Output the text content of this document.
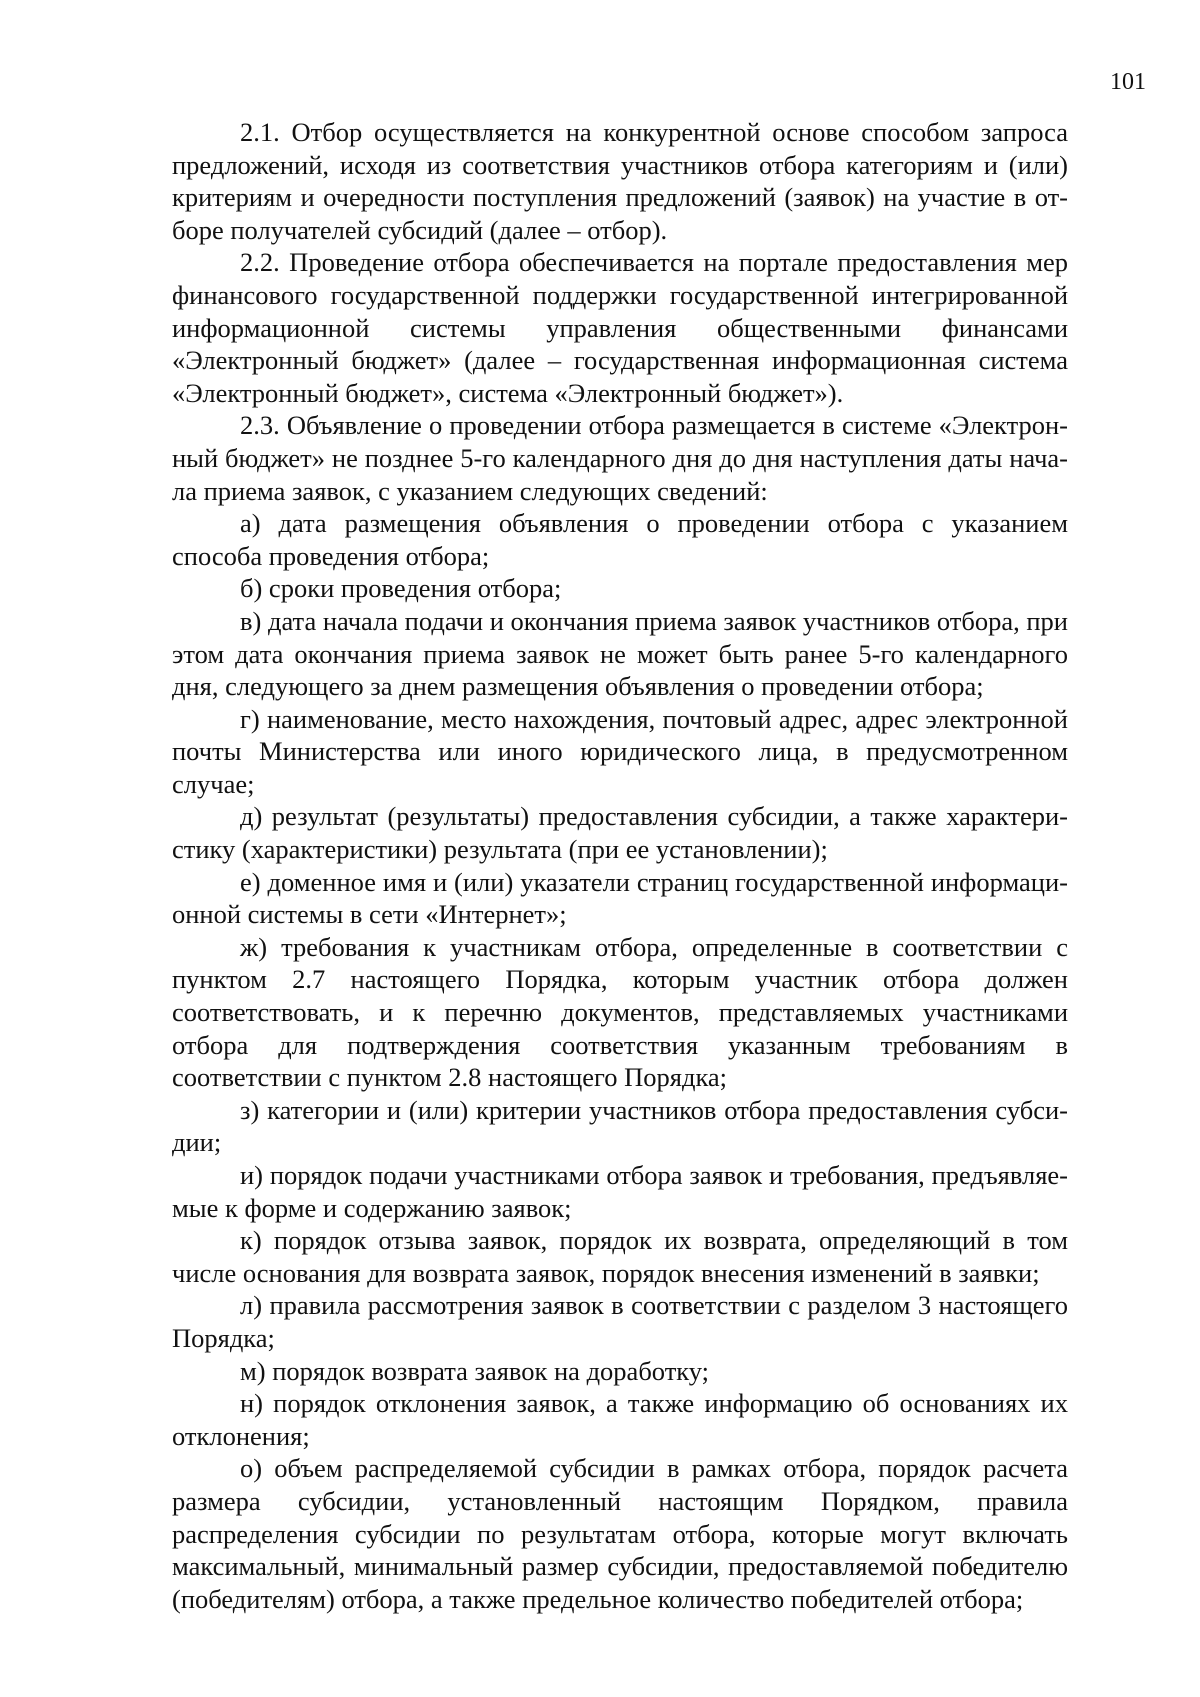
101

2.1. Отбор осуществляется на конкурентной основе способом запроса предложений, исходя из соответствия участников отбора категориям и (или) критериям и очередности поступления предложений (заявок) на участие в отборе получателей субсидий (далее – отбор).

2.2. Проведение отбора обеспечивается на портале предоставления мер финансового государственной поддержки государственной интегрированной информационной системы управления общественными финансами «Электронный бюджет» (далее – государственная информационная система «Электронный бюджет», система «Электронный бюджет»).

2.3. Объявление о проведении отбора размещается в системе «Электронный бюджет» не позднее 5-го календарного дня до дня наступления даты начала приема заявок, с указанием следующих сведений:

а) дата размещения объявления о проведении отбора с указанием способа проведения отбора;

б) сроки проведения отбора;

в) дата начала подачи и окончания приема заявок участников отбора, при этом дата окончания приема заявок не может быть ранее 5-го календарного дня, следующего за днем размещения объявления о проведении отбора;

г) наименование, место нахождения, почтовый адрес, адрес электронной почты Министерства или иного юридического лица, в предусмотренном случае;

д) результат (результаты) предоставления субсидии, а также характеристику (характеристики) результата (при ее установлении);

е) доменное имя и (или) указатели страниц государственной информационной системы в сети «Интернет»;

ж) требования к участникам отбора, определенные в соответствии с пунктом 2.7 настоящего Порядка, которым участник отбора должен соответствовать, и к перечню документов, представляемых участниками отбора для подтверждения соответствия указанным требованиям в соответствии с пунктом 2.8 настоящего Порядка;

з) категории и (или) критерии участников отбора предоставления субсидии;

и) порядок подачи участниками отбора заявок и требования, предъявляемые к форме и содержанию заявок;

к) порядок отзыва заявок, порядок их возврата, определяющий в том числе основания для возврата заявок, порядок внесения изменений в заявки;

л) правила рассмотрения заявок в соответствии с разделом 3 настоящего Порядка;

м) порядок возврата заявок на доработку;

н) порядок отклонения заявок, а также информацию об основаниях их отклонения;

о) объем распределяемой субсидии в рамках отбора, порядок расчета размера субсидии, установленный настоящим Порядком, правила распределения субсидии по результатам отбора, которые могут включать максимальный, минимальный размер субсидии, предоставляемой победителю (победителям) отбора, а также предельное количество победителей отбора;
